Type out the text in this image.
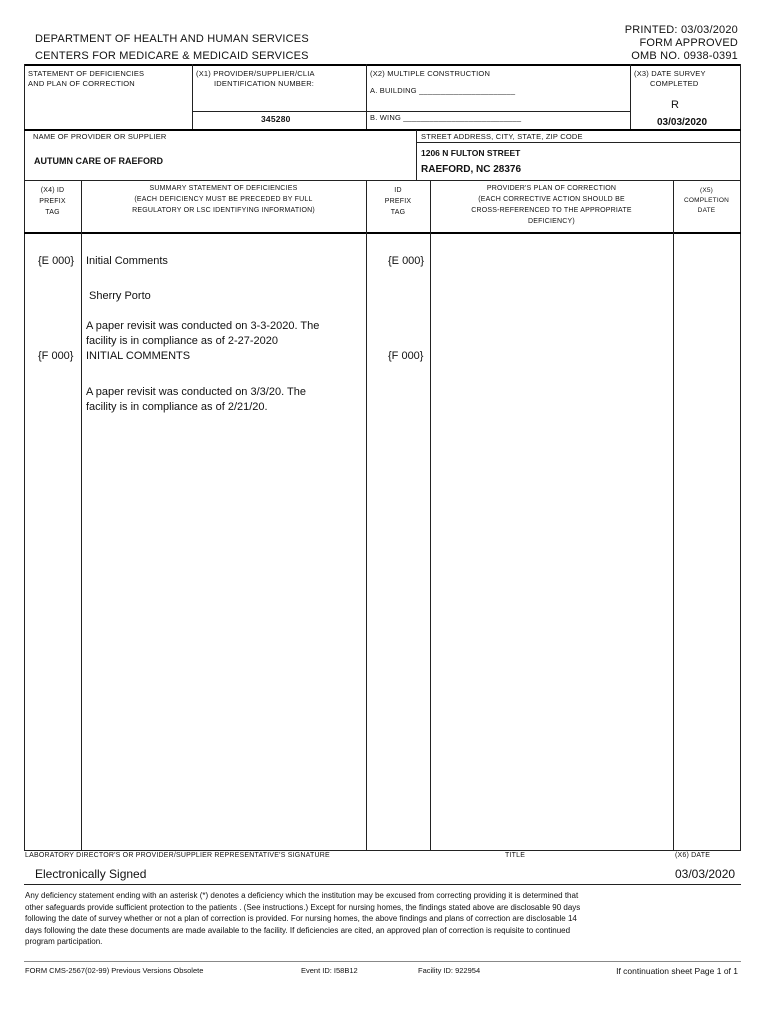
DEPARTMENT OF HEALTH AND HUMAN SERVICES
CENTERS FOR MEDICARE & MEDICAID SERVICES
PRINTED: 03/03/2020
FORM APPROVED
OMB NO. 0938-0391
STATEMENT OF DEFICIENCIES
AND PLAN OF CORRECTION
(X1) PROVIDER/SUPPLIER/CLIA
IDENTIFICATION NUMBER:
345280
(X2) MULTIPLE CONSTRUCTION
A. BUILDING ______________________
B. WING ___________________________
(X3) DATE SURVEY
COMPLETED
R
03/03/2020
NAME OF PROVIDER OR SUPPLIER
AUTUMN CARE OF RAEFORD
STREET ADDRESS, CITY, STATE, ZIP CODE
1206 N FULTON STREET
RAEFORD, NC 28376
(X4) ID
PREFIX
TAG
SUMMARY STATEMENT OF DEFICIENCIES
(EACH DEFICIENCY MUST BE PRECEDED BY FULL
REGULATORY OR LSC IDENTIFYING INFORMATION)
ID
PREFIX
TAG
PROVIDER'S PLAN OF CORRECTION
(EACH CORRECTIVE ACTION SHOULD BE
CROSS-REFERENCED TO THE APPROPRIATE
DEFICIENCY)
(X5)
COMPLETION
DATE
{E 000} Initial Comments	{E 000}
Sherry Porto
A paper revisit was conducted on 3-3-2020. The
facility is in compliance as of 2-27-2020
{F 000} INITIAL COMMENTS	{F 000}
A paper revisit was conducted on 3/3/20. The
facility is in compliance as of 2/21/20.
LABORATORY DIRECTOR'S OR PROVIDER/SUPPLIER REPRESENTATIVE'S SIGNATURE	TITLE	(X6) DATE
Electronically Signed	03/03/2020
Any deficiency statement ending with an asterisk (*) denotes a deficiency which the institution may be excused from correcting providing it is determined that
other safeguards provide sufficient protection to the patients . (See instructions.) Except for nursing homes, the findings stated above are disclosable 90 days
following the date of survey whether or not a plan of correction is provided. For nursing homes, the above findings and plans of correction are disclosable 14
days following the date these documents are made available to the facility. If deficiencies are cited, an approved plan of correction is requisite to continued
program participation.
FORM CMS-2567(02-99) Previous Versions Obsolete	Event ID: I58B12	Facility ID: 922954	If continuation sheet Page 1 of 1
